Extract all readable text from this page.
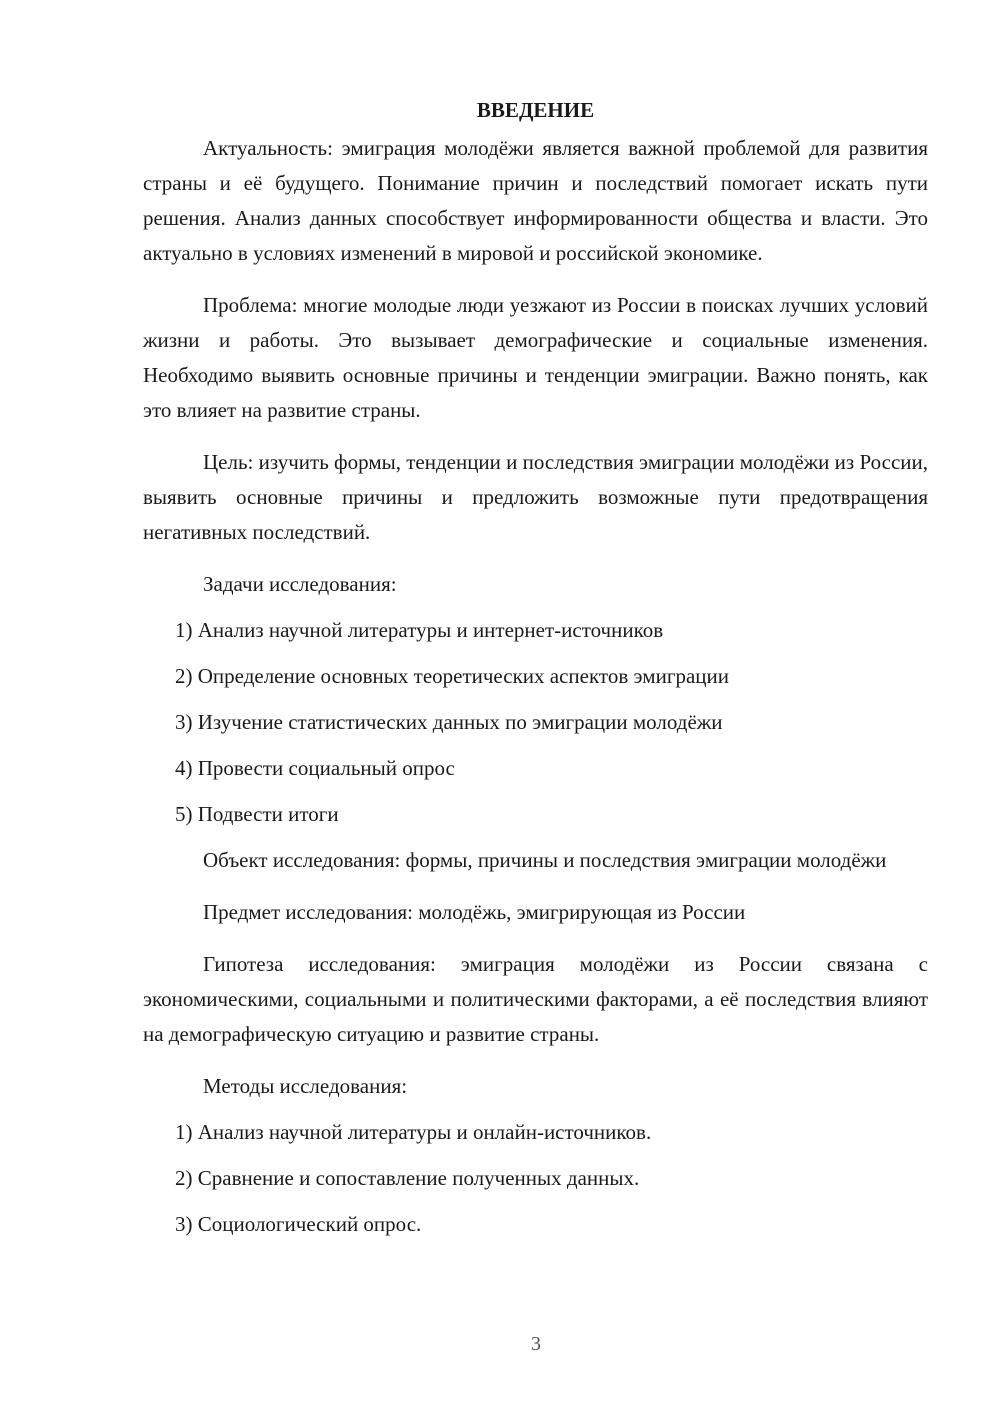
ВВЕДЕНИЕ

Актуальность: эмиграция молодёжи является важной проблемой для развития страны и её будущего. Понимание причин и последствий помогает искать пути решения. Анализ данных способствует информированности общества и власти. Это актуально в условиях изменений в мировой и российской экономике.

Проблема: многие молодые люди уезжают из России в поисках лучших условий жизни и работы. Это вызывает демографические и социальные изменения. Необходимо выявить основные причины и тенденции эмиграции. Важно понять, как это влияет на развитие страны.

Цель: изучить формы, тенденции и последствия эмиграции молодёжи из России, выявить основные причины и предложить возможные пути предотвращения негативных последствий.

Задачи исследования:
1) Анализ научной литературы и интернет-источников
2) Определение основных теоретических аспектов эмиграции
3) Изучение статистических данных по эмиграции молодёжи
4) Провести социальный опрос
5) Подвести итоги

Объект исследования: формы, причины и последствия эмиграции молодёжи

Предмет исследования: молодёжь, эмигрирующая из России

Гипотеза исследования: эмиграция молодёжи из России связана с экономическими, социальными и политическими факторами, а её последствия влияют на демографическую ситуацию и развитие страны.

Методы исследования:
1) Анализ научной литературы и онлайн-источников.
2) Сравнение и сопоставление полученных данных.
3) Социологический опрос.
3
